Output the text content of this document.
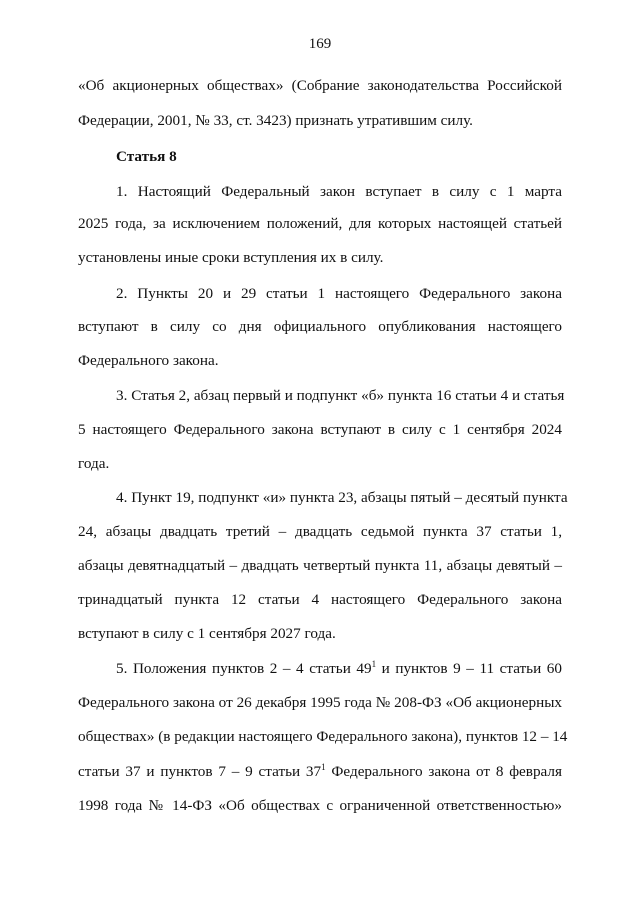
169
«Об акционерных обществах» (Собрание законодательства Российской
Федерации, 2001, № 33, ст. 3423) признать утратившим силу.
Статья 8
1. Настоящий Федеральный закон вступает в силу с 1 марта
2025 года, за исключением положений, для которых настоящей статьей
установлены иные сроки вступления их в силу.
2. Пункты 20 и 29 статьи 1 настоящего Федерального закона
вступают в силу со дня официального опубликования настоящего
Федерального закона.
3. Статья 2, абзац первый и подпункт «б» пункта 16 статьи 4 и статья
5 настоящего Федерального закона вступают в силу с 1 сентября 2024
года.
4. Пункт 19, подпункт «и» пункта 23, абзацы пятый – десятый пункта
24, абзацы двадцать третий – двадцать седьмой пункта 37 статьи 1,
абзацы девятнадцатый – двадцать четвертый пункта 11, абзацы девятый –
тринадцатый пункта 12 статьи 4 настоящего Федерального закона
вступают в силу с 1 сентября 2027 года.
5. Положения пунктов 2 – 4 статьи $49^1$ и пунктов 9 – 11 статьи 60
Федерального закона от 26 декабря 1995 года № 208-ФЗ «Об акционерных
обществах» (в редакции настоящего Федерального закона), пунктов 12 – 14
статьи 37 и пунктов 7 – 9 статьи $37^1$ Федерального закона от 8 февраля
1998 года № 14-ФЗ «Об обществах с ограниченной ответственностью»
